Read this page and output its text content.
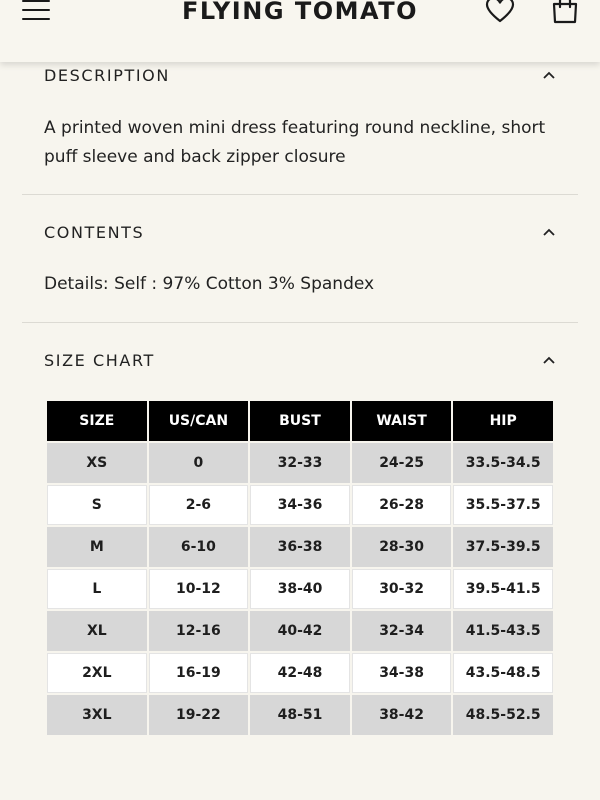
FLYING TOMATO
DESCRIPTION
A printed woven mini dress featuring round neckline, short puff sleeve and back zipper closure
CONTENTS
Details: Self : 97% Cotton 3% Spandex
SIZE CHART
SIZE	US/CAN	BUST	WAIST	HIP
XS	0	32-33	24-25	33.5-34.5
S	2-6	34-36	26-28	35.5-37.5
M	6-10	36-38	28-30	37.5-39.5
L	10-12	38-40	30-32	39.5-41.5
XL	12-16	40-42	32-34	41.5-43.5
2XL	16-19	42-48	34-38	43.5-48.5
3XL	19-22	48-51	38-42	48.5-52.5
